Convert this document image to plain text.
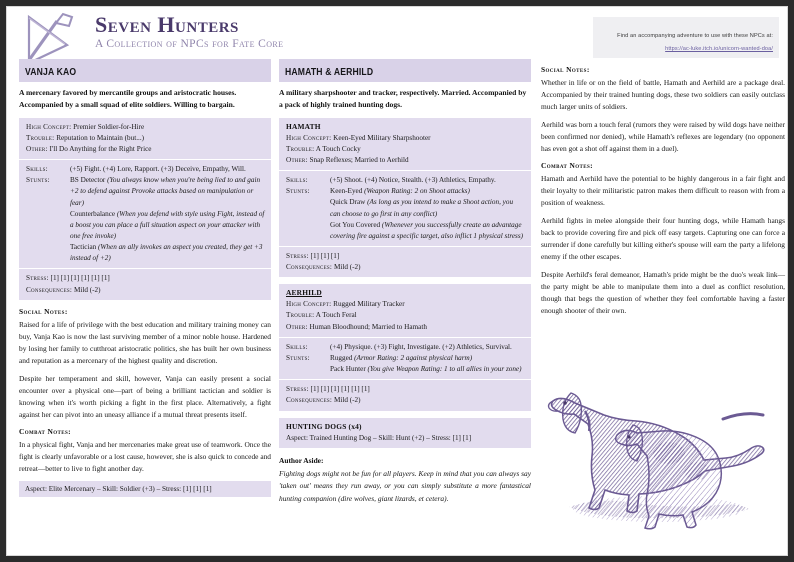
Seven Hunters
A Collection of NPCs for Fate Core
Find an accompanying adventure to use with these NPCs at:
https://ac-luke.itch.io/unicorn-wanted-doa/
VANJA KAO
A mercenary favored by mercantile groups and aristocratic houses. Accompanied by a small squad of elite soldiers. Willing to bargain.
High Concept: Premier Soldier-for-Hire
Trouble: Reputation to Maintain (but...)
Other: I'll Do Anything for the Right Price
Skills:	(+5) Fight. (+4) Lore, Rapport. (+3) Deceive, Empathy, Will.
Stunts:	BS Detector (You always know when you're being lied to and gain +2 to defend against Provoke attacks based on manipulation or fear)
Counterbalance (When you defend with style using Fight, instead of a boost you can place a full situation aspect on your attacker with one free invoke)
Tactician (When an ally invokes an aspect you created, they get +3 instead of +2)
Stress: [1] [1] [1] [1] [1] [1]
Consequences: Mild (-2)
Social Notes:

Raised for a life of privilege with the best education and military training money can buy, Vanja Kao is now the last surviving member of a minor noble house. Hardened by losing her family to cutthroat aristocratic politics, she has built her own business and reputation as a mercenary of the highest quality and discretion.

Despite her temperament and skill, however, Vanja can easily present a social encounter over a physical one—part of being a brilliant tactician and soldier is knowing when it's worth picking a fight in the first place. Alternatively, a fight against her can pivot into an uneasy alliance if a mutual threat presents itself.

Combat Notes:

In a physical fight, Vanja and her mercenaries make great use of teamwork. Once the fight is clearly unfavorable or a lost cause, however, she is also quick to concede and retreat—better to live to fight another day.

Aspect: Elite Mercenary – Skill: Soldier (+3) – Stress: [1] [1] [1]
HAMATH & AERHILD
A military sharpshooter and tracker, respectively. Married. Accompanied by a pack of highly trained hunting dogs.
HAMATH
High Concept: Keen-Eyed Military Sharpshooter
Trouble: A Touch Cocky
Other: Snap Reflexes; Married to Aerhild
Skills:	(+5) Shoot. (+4) Notice, Stealth. (+3) Athletics, Empathy.
Stunts:	Keen-Eyed (Weapon Rating: 2 on Shoot attacks)
Quick Draw (As long as you intend to make a Shoot action, you can choose to go first in any conflict)
Got You Covered (Whenever you successfully create an advantage covering fire against a specific target, also inflict 1 physical stress)
Stress: [1] [1] [1]
Consequences: Mild (-2)
AERHILD
High Concept: Rugged Military Tracker
Trouble: A Touch Feral
Other: Human Bloodhound; Married to Hamath
Skills:	(+4) Physique. (+3) Fight, Investigate. (+2) Athletics, Survival.
Stunts:	Rugged (Armor Rating: 2 against physical harm)
Pack Hunter (You give Weapon Rating: 1 to all allies in your zone)
Stress: [1] [1] [1] [1] [1] [1]
Consequences: Mild (-2)
HUNTING DOGS (x4)
Aspect: Trained Hunting Dog – Skill: Hunt (+2) – Stress: [1] [1]
Author Aside:

Fighting dogs might not be fun for all players. Keep in mind that you can always say 'taken out' means they run away, or you can simply substitute a more fantastical hunting companion (dire wolves, giant lizards, et cetera).

Social Notes:

Whether in life or on the field of battle, Hamath and Aerhild are a package deal. Accompanied by their trained hunting dogs, these two soldiers can easily outclass much larger units of soldiers.

Aerhild was born a touch feral (rumors they were raised by wild dogs have neither been confirmed nor denied), while Hamath's reflexes are legendary (no opponent has even got a shot off against them in a duel).

Combat Notes:

Hamath and Aerhild have the potential to be highly dangerous in a fair fight and their loyalty to their militaristic patron makes them difficult to reason with from a position of weakness.

Aerhild fights in melee alongside their four hunting dogs, while Hamath hangs back to provide covering fire and pick off easy targets. Capturing one can force a surrender if done carefully but killing either's spouse will earn the party a lifelong enemy if the other escapes.

Despite Aerhild's feral demeanor, Hamath's pride might be the duo's weak link—the party might be able to manipulate them into a duel as conflict resolution, though that begs the question of whether they feel comfortable having a faster enough shooter of their own.
